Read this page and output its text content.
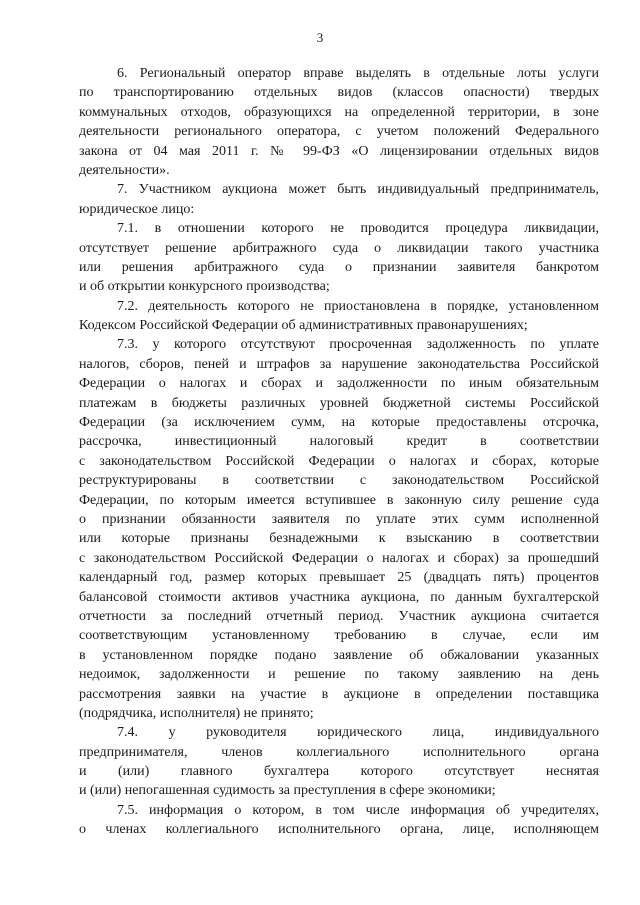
3
6. Региональный оператор вправе выделять в отдельные лоты услуги
по транспортированию отдельных видов (классов опасности) твердых
коммунальных отходов, образующихся на определенной территории, в зоне
деятельности регионального оператора, с учетом положений Федерального
закона от 04 мая 2011 г. № 99-ФЗ «О лицензировании отдельных видов
деятельности».
7. Участником аукциона может быть индивидуальный предприниматель,
юридическое лицо:
7.1. в отношении которого не проводится процедура ликвидации,
отсутствует решение арбитражного суда о ликвидации такого участника
или решения арбитражного суда о признании заявителя банкротом
и об открытии конкурсного производства;
7.2. деятельность которого не приостановлена в порядке, установленном
Кодексом Российской Федерации об административных правонарушениях;
7.3. у которого отсутствуют просроченная задолженность по уплате
налогов, сборов, пеней и штрафов за нарушение законодательства Российской
Федерации о налогах и сборах и задолженности по иным обязательным
платежам в бюджеты различных уровней бюджетной системы Российской
Федерации (за исключением сумм, на которые предоставлены отсрочка,
рассрочка, инвестиционный налоговый кредит в соответствии
с законодательством Российской Федерации о налогах и сборах, которые
реструктурированы в соответствии с законодательством Российской
Федерации, по которым имеется вступившее в законную силу решение суда
о признании обязанности заявителя по уплате этих сумм исполненной
или которые признаны безнадежными к взысканию в соответствии
с законодательством Российской Федерации о налогах и сборах) за прошедший
календарный год, размер которых превышает 25 (двадцать пять) процентов
балансовой стоимости активов участника аукциона, по данным бухгалтерской
отчетности за последний отчетный период. Участник аукциона считается
соответствующим установленному требованию в случае, если им
в установленном порядке подано заявление об обжаловании указанных
недоимок, задолженности и решение по такому заявлению на день
рассмотрения заявки на участие в аукционе в определении поставщика
(подрядчика, исполнителя) не принято;
7.4. у руководителя юридического лица, индивидуального
предпринимателя, членов коллегиального исполнительного органа
и (или) главного бухгалтера которого отсутствует неснятая
и (или) непогашенная судимость за преступления в сфере экономики;
7.5. информация о котором, в том числе информация об учредителях,
о членах коллегиального исполнительного органа, лице, исполняющем
